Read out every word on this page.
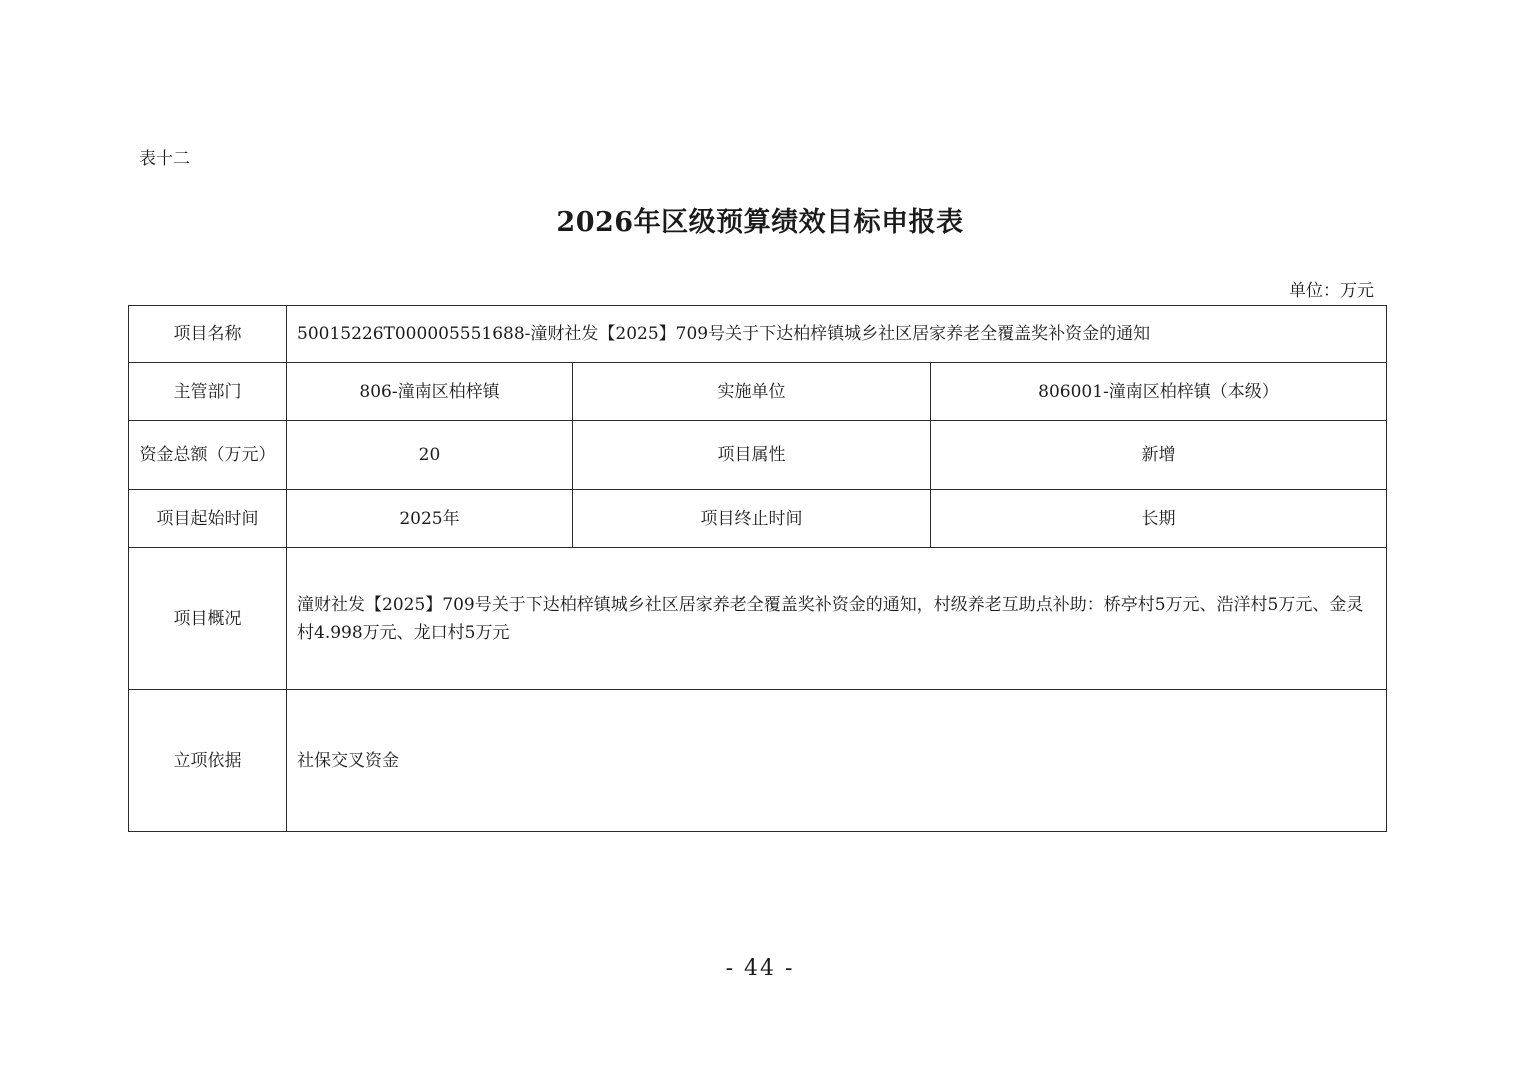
表十二
2026年区级预算绩效目标申报表
单位：万元
项目名称	50015226T000005551688-潼财社发【2025】709号关于下达柏梓镇城乡社区居家养老全覆盖奖补资金的通知		
主管部门	806-潼南区柏梓镇	实施单位	806001-潼南区柏梓镇（本级）
资金总额（万元）	20	项目属性	新增
项目起始时间	2025年	项目终止时间	长期
项目概况	潼财社发【2025】709号关于下达柏梓镇城乡社区居家养老全覆盖奖补资金的通知，村级养老互助点补助：桥亭村5万元、浩洋村5万元、金灵村4.998万元、龙口村5万元		
立项依据	社保交叉资金		
- 44 -
